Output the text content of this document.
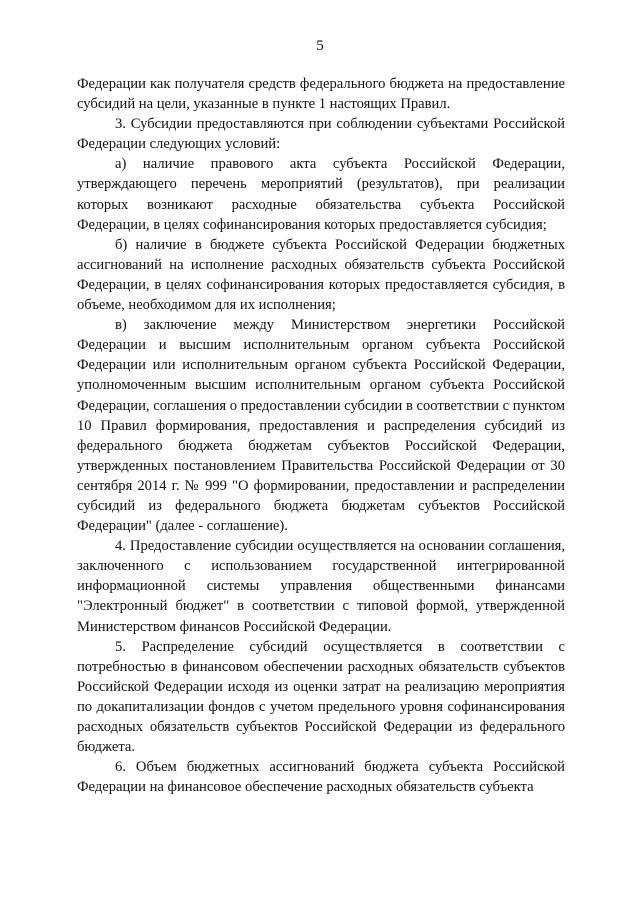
5

Федерации как получателя средств федерального бюджета на предоставление субсидий на цели, указанные в пункте 1 настоящих Правил.

3. Субсидии предоставляются при соблюдении субъектами Российской Федерации следующих условий:

а) наличие правового акта субъекта Российской Федерации, утверждающего перечень мероприятий (результатов), при реализации которых возникают расходные обязательства субъекта Российской Федерации, в целях софинансирования которых предоставляется субсидия;

б) наличие в бюджете субъекта Российской Федерации бюджетных ассигнований на исполнение расходных обязательств субъекта Российской Федерации, в целях софинансирования которых предоставляется субсидия, в объеме, необходимом для их исполнения;

в) заключение между Министерством энергетики Российской Федерации и высшим исполнительным органом субъекта Российской Федерации или исполнительным органом субъекта Российской Федерации, уполномоченным высшим исполнительным органом субъекта Российской Федерации, соглашения о предоставлении субсидии в соответствии с пунктом 10 Правил формирования, предоставления и распределения субсидий из федерального бюджета бюджетам субъектов Российской Федерации, утвержденных постановлением Правительства Российской Федерации от 30 сентября 2014 г. № 999 "О формировании, предоставлении и распределении субсидий из федерального бюджета бюджетам субъектов Российской Федерации" (далее - соглашение).

4. Предоставление субсидии осуществляется на основании соглашения, заключенного с использованием государственной интегрированной информационной системы управления общественными финансами "Электронный бюджет" в соответствии с типовой формой, утвержденной Министерством финансов Российской Федерации.

5. Распределение субсидий осуществляется в соответствии с потребностью в финансовом обеспечении расходных обязательств субъектов Российской Федерации исходя из оценки затрат на реализацию мероприятия по докапитализации фондов с учетом предельного уровня софинансирования расходных обязательств субъектов Российской Федерации из федерального бюджета.

6. Объем бюджетных ассигнований бюджета субъекта Российской Федерации на финансовое обеспечение расходных обязательств субъекта
